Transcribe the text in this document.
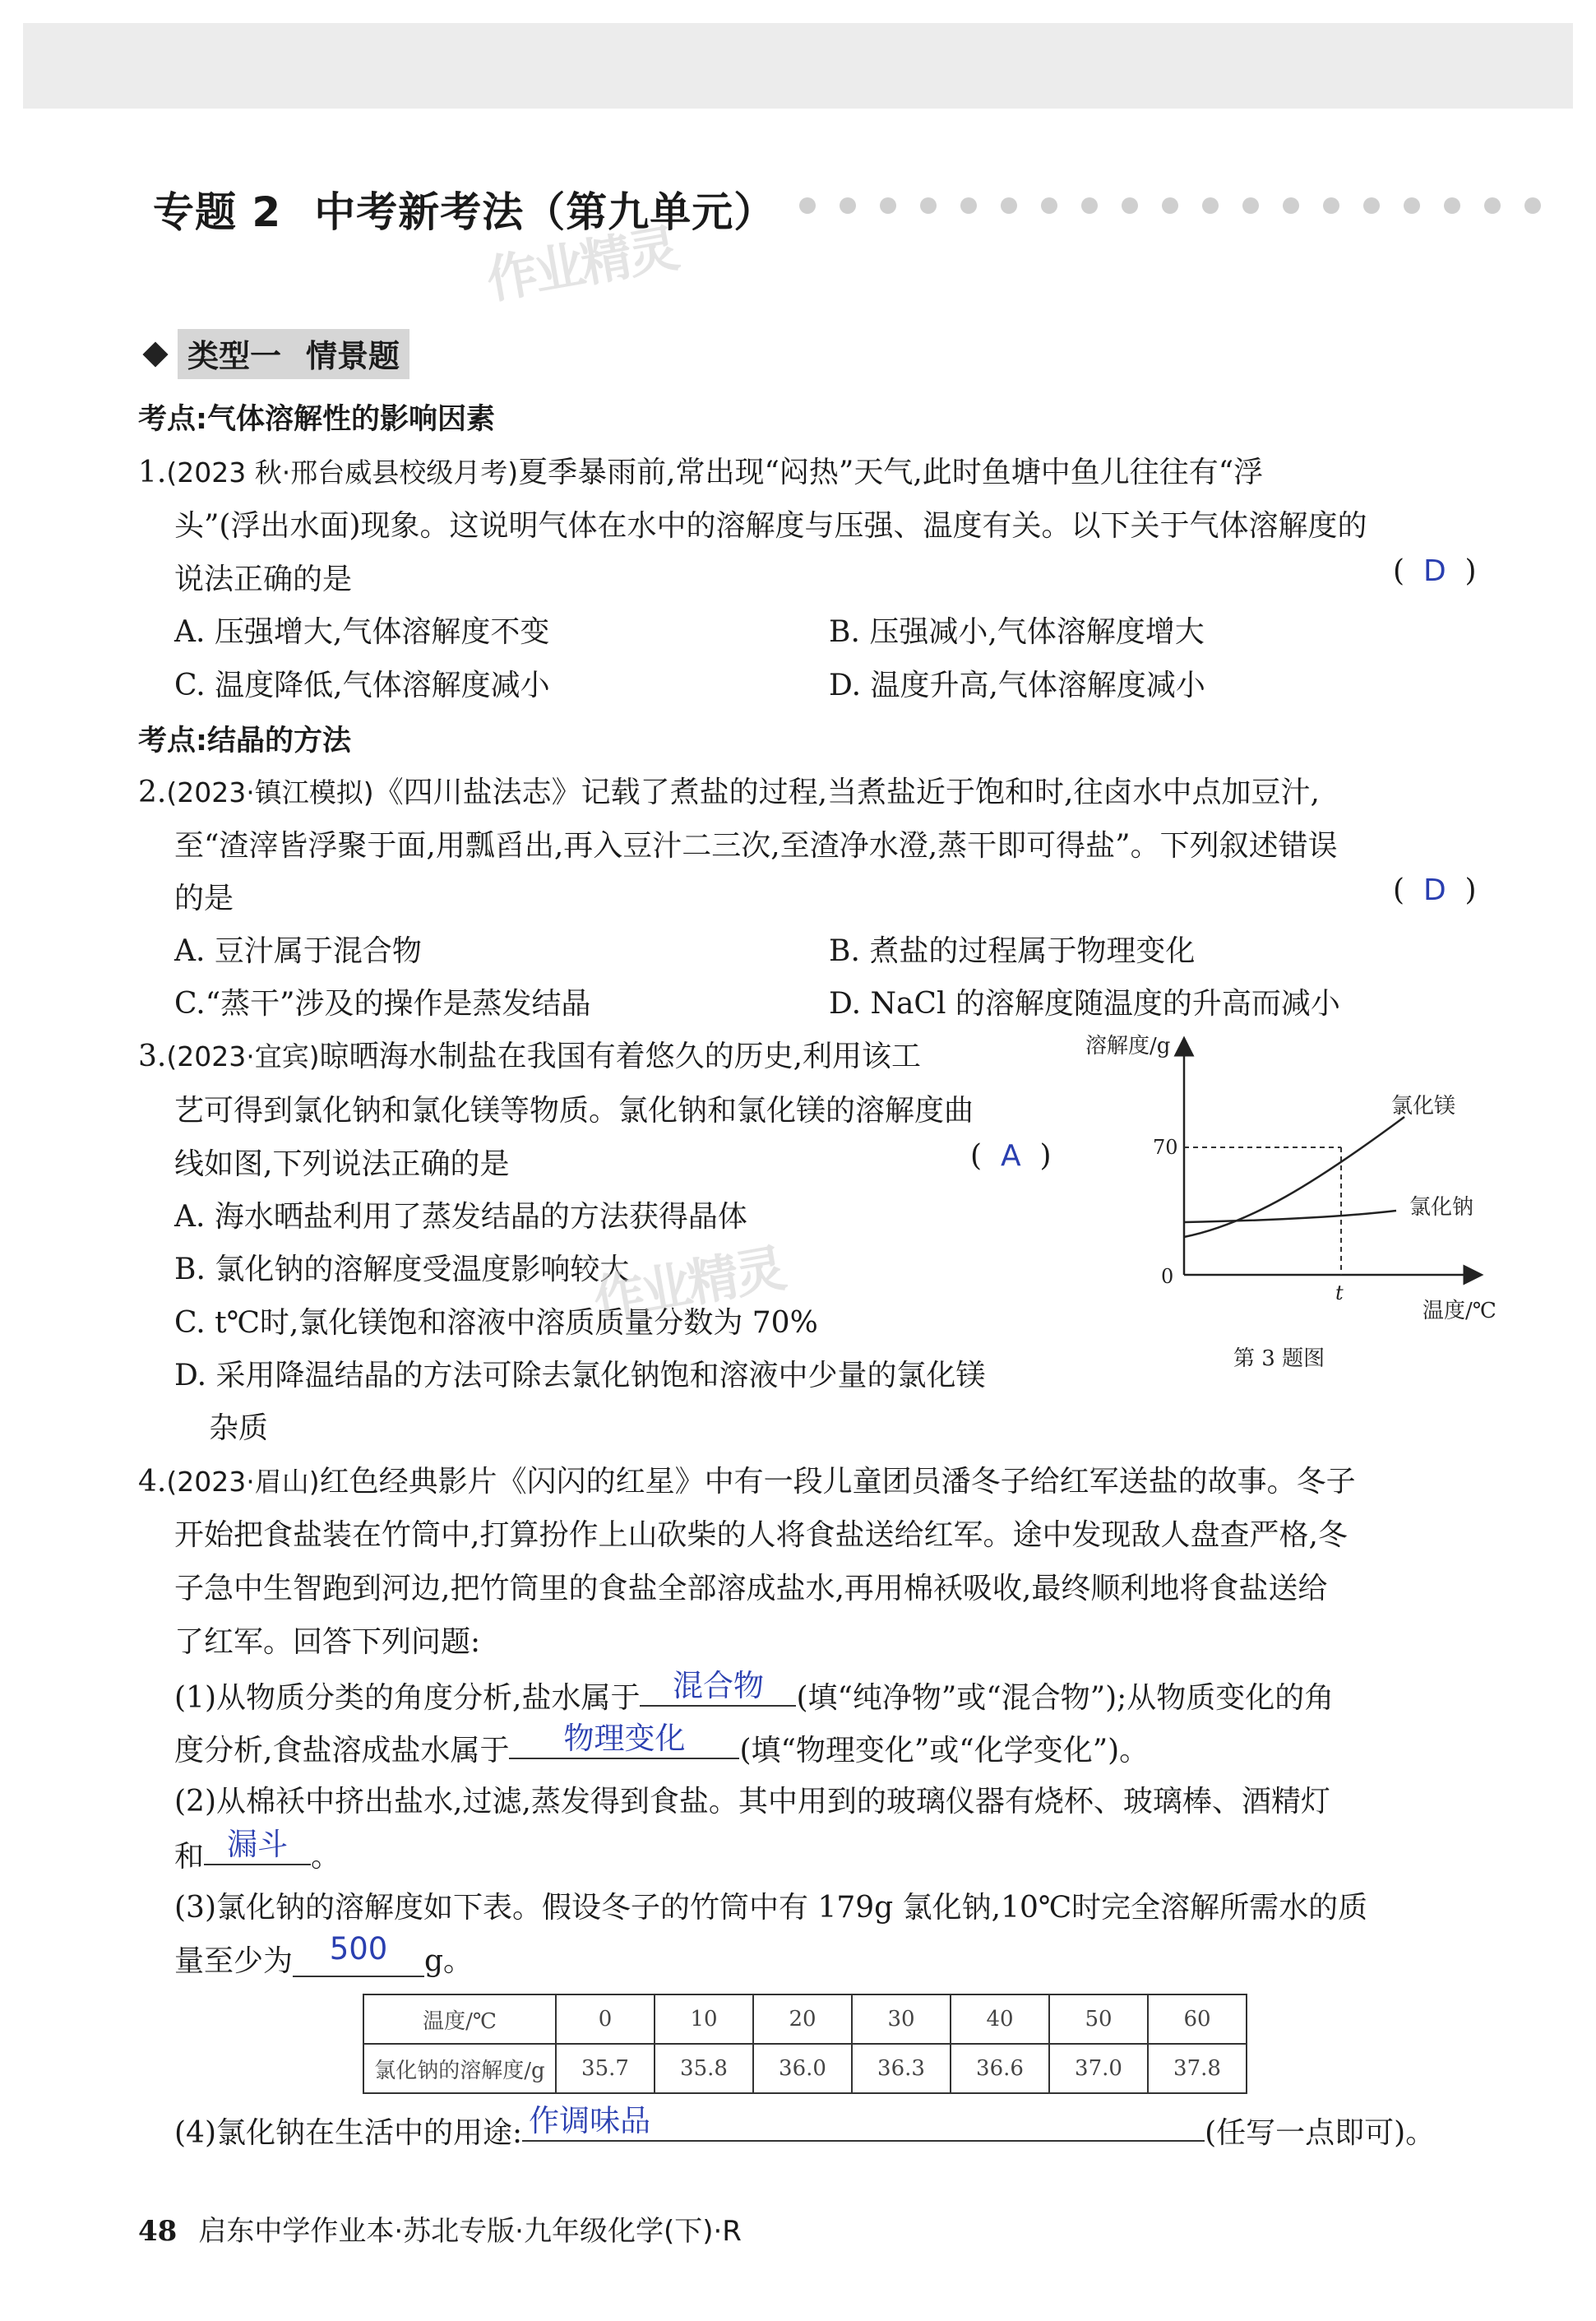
专题 2 中考新考法（第九单元）
作业精灵
类型一 情景题
考点:气体溶解性的影响因素
1.(2023 秋·邢台威县校级月考)夏季暴雨前,常出现“闷热”天气,此时鱼塘中鱼儿往往有“浮
头”(浮出水面)现象。这说明气体在水中的溶解度与压强、温度有关。以下关于气体溶解度的
说法正确的是	(  D  )
A. 压强增大,气体溶解度不变	B. 压强减小,气体溶解度增大
C. 温度降低,气体溶解度减小	D. 温度升高,气体溶解度减小
考点:结晶的方法
2.(2023·镇江模拟)《四川盐法志》记载了煮盐的过程,当煮盐近于饱和时,往卤水中点加豆汁,
至“渣滓皆浮聚于面,用瓢舀出,再入豆汁二三次,至渣净水澄,蒸干即可得盐”。下列叙述错误
的是	(  D  )
A. 豆汁属于混合物	B. 煮盐的过程属于物理变化
C.“蒸干”涉及的操作是蒸发结晶	D. NaCl 的溶解度随温度的升高而减小
3.(2023·宜宾)晾晒海水制盐在我国有着悠久的历史,利用该工
艺可得到氯化钠和氯化镁等物质。氯化钠和氯化镁的溶解度曲
线如图,下列说法正确的是	(  A  )
A. 海水晒盐利用了蒸发结晶的方法获得晶体
B. 氯化钠的溶解度受温度影响较大
C. t℃时,氯化镁饱和溶液中溶质质量分数为 70%
D. 采用降温结晶的方法可除去氯化钠饱和溶液中少量的氯化镁
杂质
作业精灵
溶解度/g
温度/℃
0
70
t
氯化镁
氯化钠
第 3 题图
4.(2023·眉山)红色经典影片《闪闪的红星》中有一段儿童团员潘冬子给红军送盐的故事。冬子
开始把食盐装在竹筒中,打算扮作上山砍柴的人将食盐送给红军。途中发现敌人盘查严格,冬
子急中生智跑到河边,把竹筒里的食盐全部溶成盐水,再用棉袄吸收,最终顺利地将食盐送给
了红军。回答下列问题:
(1)从物质分类的角度分析,盐水属于 混合物 (填“纯净物”或“混合物”);从物质变化的角
度分析,食盐溶成盐水属于 物理变化 (填“物理变化”或“化学变化”)。
(2)从棉袄中挤出盐水,过滤,蒸发得到食盐。其中用到的玻璃仪器有烧杯、玻璃棒、酒精灯
和 漏斗 。
(3)氯化钠的溶解度如下表。假设冬子的竹筒中有 179g 氯化钠,10℃时完全溶解所需水的质
量至少为 500 g。
温度/℃	0	10	20	30	40	50	60
氯化钠的溶解度/g	35.7	35.8	36.0	36.3	36.6	37.0	37.8
(4)氯化钠在生活中的用途: 作调味品	(任写一点即可)。
48 启东中学作业本·苏北专版·九年级化学(下)·R
